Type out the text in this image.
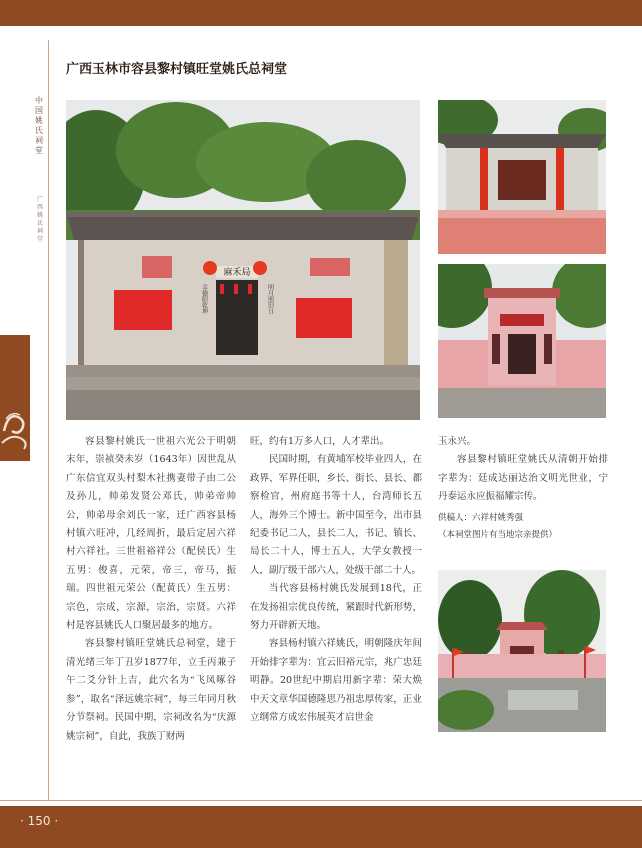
中国姚氏祠堂
广西姚氏祠堂
广西玉林市容县黎村镇旺堂姚氏总祠堂
麻禾局
幸德昭乾坤	明月照旧日

容县黎村姚氏一世祖六光公于明朝末年，崇祯癸未岁（1643年）因世乱从广东信宜双头村梨木社携妻带子由二公及孙儿，帅弟发贤公邓氏，帅弟帝帅公，帅弟母余刘氏一家，迁广西容县杨村镇六旺冲，几经周折，最后定居六祥村六祥社。三世祖裕祥公（配侯氏）生五男：俊喜，元荣，帝三，帝马，振瑞。四世祖元荣公（配黄氏）生五男：宗色，宗成，宗源，宗治，宗贤。六祥村是容县姚氏人口聚居最多的地方。

容县黎村镇旺堂姚氏总祠堂，建于清光绪三年丁丑岁1877年，立壬丙兼子午二爻分针上吉，此穴名为“飞凤啄谷参”，取名“泽远姚宗祠”，每三年同月秋分节祭祠。民国中期，宗祠改名为“庆源姚宗祠”，自此，我族丁财两

旺，约有1万多人口，人才辈出。

民国时期，有黄埔军校毕业四人，在政界、军界任职，乡长、街长、县长、都察检官，州府庭书等十人，台湾师长五人，海外三个博士。新中国至今，出市县纪委书记二人，县长二人，书记、镇长、局长二十人，博士五人，大学女教授一人，副厅级干部六人，处级干部二十人。

当代容县杨村姚氏发展到18代，正在发扬祖宗优良传统，紧跟时代新形势，努力开辟新天地。

容县杨村镇六祥姚氏，明朝隆庆年间开始排字辈为：宜云旧裕元宗，兆广忠廷明静。20世纪中期启用新字辈：荣大焕中天文章华国德隆思乃祖忠厚传家，正业立纲常方成宏伟展英才启世金

玉永兴。

容县黎村镇旺堂姚氏从清朝开始排字辈为：廷成达丽达治文明光世业，宁丹泰运永应振福耀宗传。

供稿人：六祥村姚秀强
（本祠堂图片有当地宗亲提供）
· 150 ·
